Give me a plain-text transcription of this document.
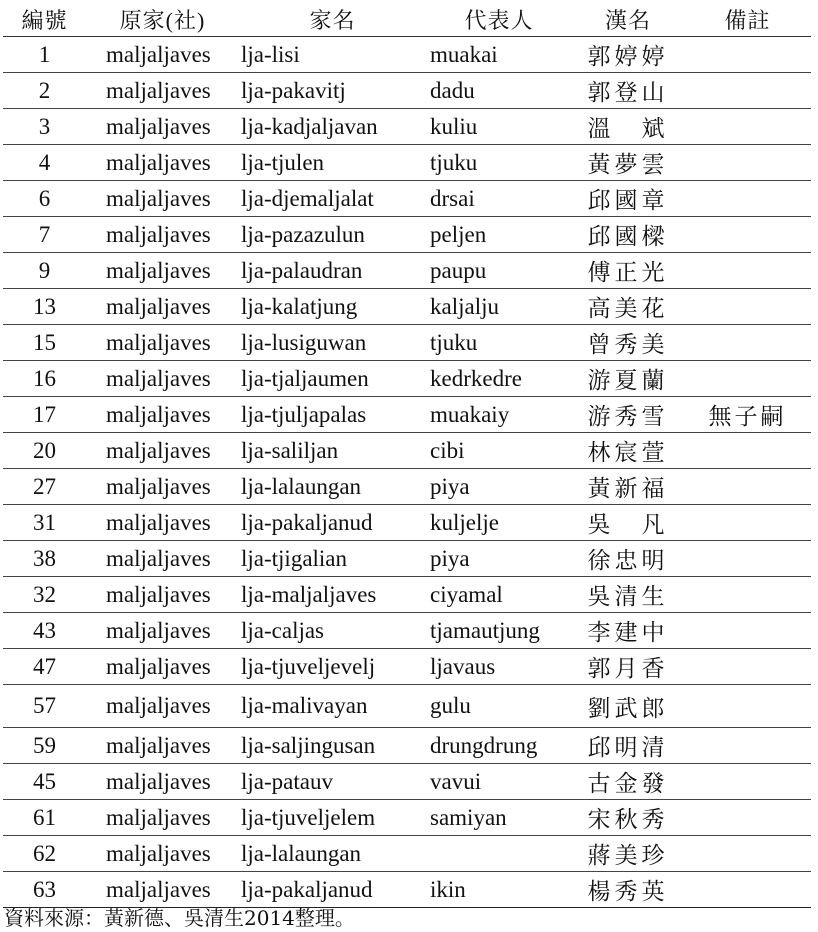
編號	原家(社)	家名	代表人	漢名	備註
1	maljaljaves	lja-lisi	muakai	郭婷婷	
2	maljaljaves	lja-pakavitj	dadu	郭登山	
3	maljaljaves	lja-kadjaljavan	kuliu	溫　斌	
4	maljaljaves	lja-tjulen	tjuku	黃夢雲	
6	maljaljaves	lja-djemaljalat	drsai	邱國章	
7	maljaljaves	lja-pazazulun	peljen	邱國樑	
9	maljaljaves	lja-palaudran	paupu	傅正光	
13	maljaljaves	lja-kalatjung	kaljalju	高美花	
15	maljaljaves	lja-lusiguwan	tjuku	曾秀美	
16	maljaljaves	lja-tjaljaumen	kedrkedre	游夏蘭	
17	maljaljaves	lja-tjuljapalas	muakaiy	游秀雪	無子嗣
20	maljaljaves	lja-saliljan	cibi	林宸萱	
27	maljaljaves	lja-lalaungan	piya	黃新福	
31	maljaljaves	lja-pakaljanud	kuljelje	吳　凡	
38	maljaljaves	lja-tjigalian	piya	徐忠明	
32	maljaljaves	lja-maljaljaves	ciyamal	吳清生	
43	maljaljaves	lja-caljas	tjamautjung	李建中	
47	maljaljaves	lja-tjuveljevelj	ljavaus	郭月香	
57	maljaljaves	lja-malivayan	gulu	劉武郎	
59	maljaljaves	lja-saljingusan	drungdrung	邱明清	
45	maljaljaves	lja-patauv	vavui	古金發	
61	maljaljaves	lja-tjuveljelem	samiyan	宋秋秀	
62	maljaljaves	lja-lalaungan		蔣美珍	
63	maljaljaves	lja-pakaljanud	ikin	楊秀英	
資料來源：黃新德、吳清生2014整理。
